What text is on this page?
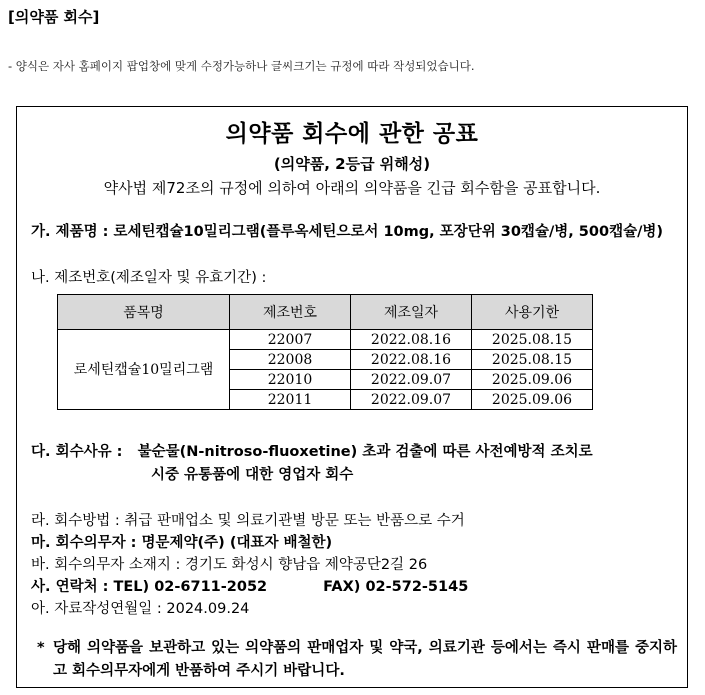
[의약품 회수]
- 양식은 자사 홈페이지 팝업창에 맞게 수정가능하나 글씨크기는 규정에 따라 작성되었습니다.
의약품 회수에 관한 공표
(의약품, 2등급 위해성)
약사법 제72조의 규정에 의하여 아래의 의약품을 긴급 회수함을 공표합니다.
가. 제품명 : 로세틴캡슐10밀리그램(플루옥세틴으로서 10mg, 포장단위 30캡슐/병, 500캡슐/병)
나. 제조번호(제조일자 및 유효기간) :
품목명	제조번호	제조일자	사용기한
로세틴캡슐10밀리그램	22007	2022.08.16	2025.08.15
	22008	2022.08.16	2025.08.15
	22010	2022.09.07	2025.09.06
	22011	2022.09.07	2025.09.06
다. 회수사유 : 불순물(N-nitroso-fluoxetine) 초과 검출에 따른 사전예방적 조치로
시중 유통품에 대한 영업자 회수
라. 회수방법 : 취급 판매업소 및 의료기관별 방문 또는 반품으로 수거
마. 회수의무자 : 명문제약(주) (대표자 배철한)
바. 회수의무자 소재지 : 경기도 화성시 향남읍 제약공단2길 26
사. 연락처 : TEL) 02-6711-2052	FAX) 02-572-5145
아. 자료작성연월일 : 2024.09.24
* 당해 의약품을 보관하고 있는 의약품의 판매업자 및 약국, 의료기관 등에서는 즉시 판매를 중지하고 회수의무자에게 반품하여 주시기 바랍니다.
